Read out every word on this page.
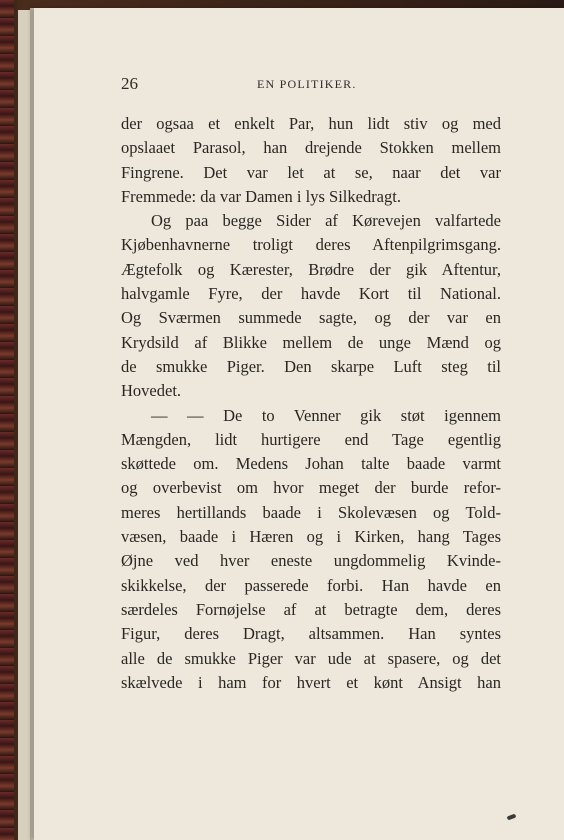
26	EN POLITIKER.
der ogsaa et enkelt Par, hun lidt stiv og med
opslaaet Parasol, han drejende Stokken mellem
Fingrene. Det var let at se, naar det var
Fremmede: da var Damen i lys Silkedragt.
Og paa begge Sider af Kørevejen valfartede
Kjøbenhavnerne troligt deres Aftenpilgrimsgang.
Ægtefolk og Kærester, Brødre der gik Aftentur,
halvgamle Fyre, der havde Kort til National.
Og Sværmen summede sagte, og der var en
Krydsild af Blikke mellem de unge Mænd og
de smukke Piger. Den skarpe Luft steg til
Hovedet.
— — De to Venner gik støt igennem
Mængden, lidt hurtigere end Tage egentlig
skøttede om. Medens Johan talte baade varmt
og overbevist om hvor meget der burde refor-
meres hertillands baade i Skolevæsen og Told-
væsen, baade i Hæren og i Kirken, hang Tages
Øjne ved hver eneste ungdommelig Kvinde-
skikkelse, der passerede forbi. Han havde en
særdeles Fornøjelse af at betragte dem, deres
Figur, deres Dragt, altsammen. Han syntes
alle de smukke Piger var ude at spasere, og det
skælvede i ham for hvert et kønt Ansigt han
